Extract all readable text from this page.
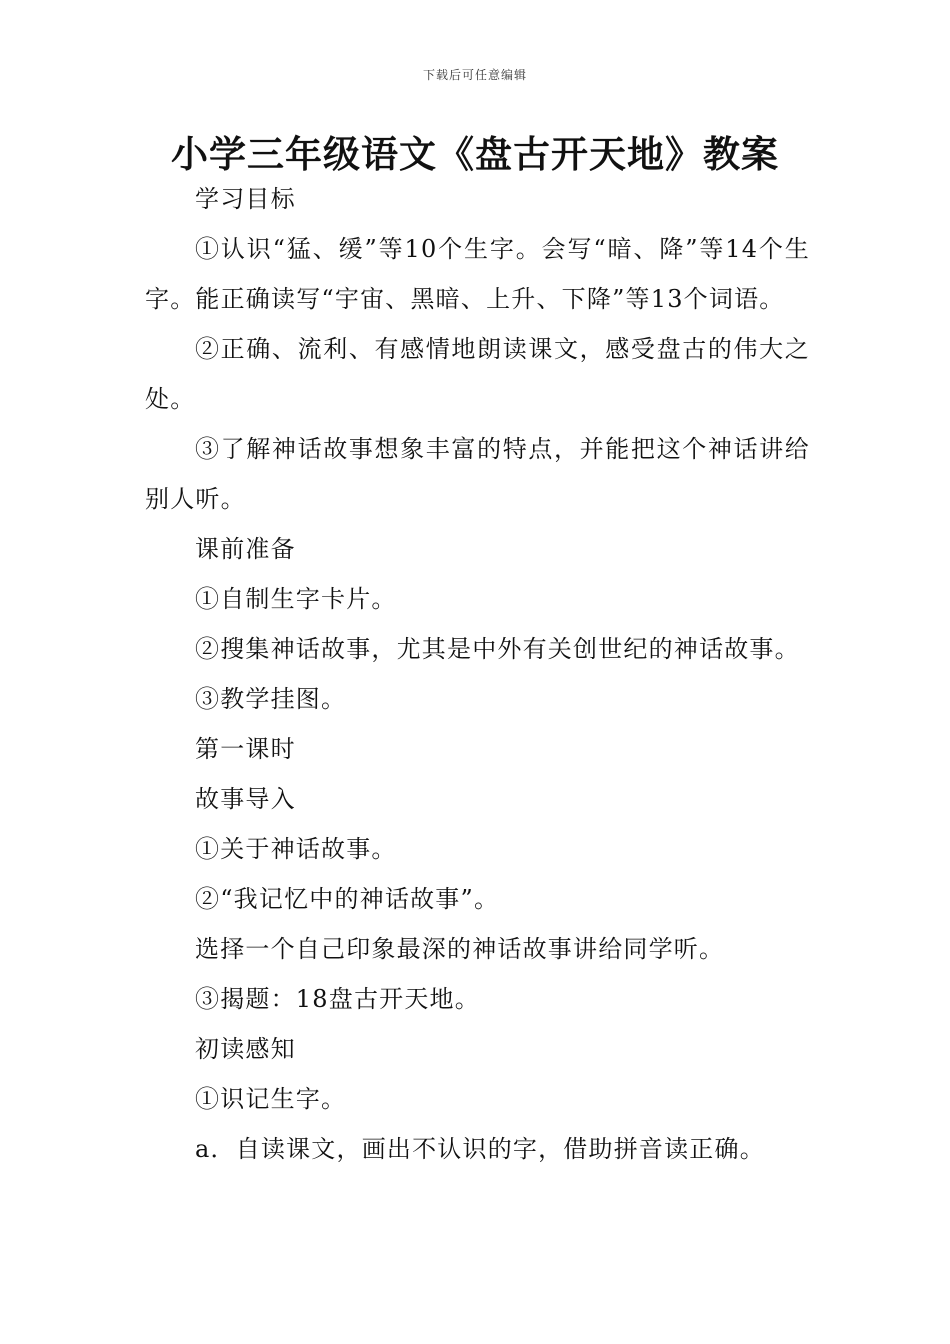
下载后可任意编辑
小学三年级语文《盘古开天地》教案

学习目标

①认识“猛、缓”等10个生字。会写“暗、降”等14个生字。能正确读写“宇宙、黑暗、上升、下降”等13个词语。

②正确、流利、有感情地朗读课文，感受盘古的伟大之处。

③了解神话故事想象丰富的特点，并能把这个神话讲给别人听。

课前准备

①自制生字卡片。

②搜集神话故事，尤其是中外有关创世纪的神话故事。

③教学挂图。

第一课时

故事导入

①关于神话故事。

②“我记忆中的神话故事”。

选择一个自己印象最深的神话故事讲给同学听。

③揭题：18盘古开天地。

初读感知

①识记生字。

a．自读课文，画出不认识的字，借助拼音读正确。
